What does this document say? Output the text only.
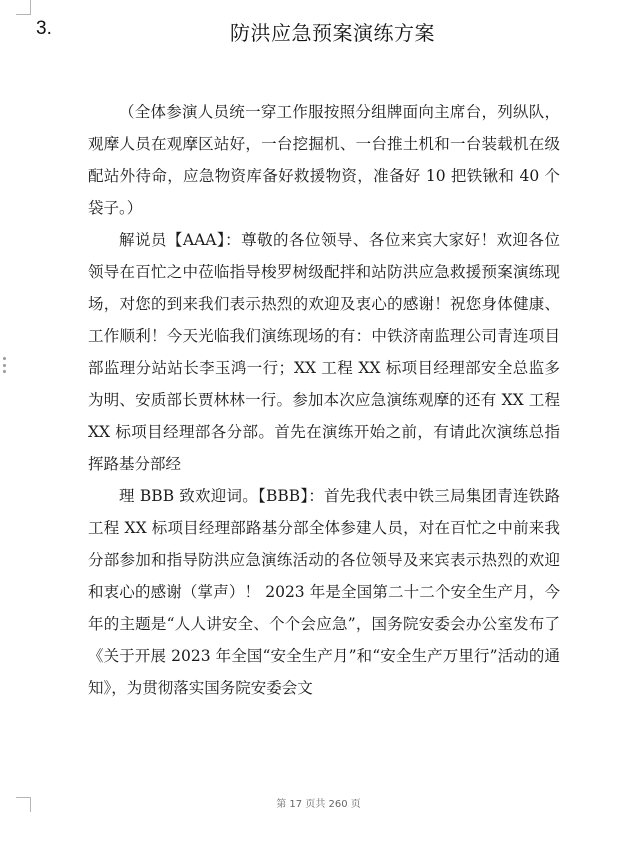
3.	防洪应急预案演练方案

（全体参演人员统一穿工作服按照分组牌面向主席台，列纵队，观摩人员在观摩区站好，一台挖掘机、一台推土机和一台装载机在级配站外待命，应急物资库备好救援物资，准备好 10 把铁锹和 40 个袋子。）

解说员【AAA】：尊敬的各位领导、各位来宾大家好！欢迎各位领导在百忙之中莅临指导梭罗树级配拌和站防洪应急救援预案演练现场，对您的到来我们表示热烈的欢迎及衷心的感谢！祝您身体健康、工作顺利！今天光临我们演练现场的有：中铁济南监理公司青连项目部监理分站站长李玉鸿一行；XX 工程 XX 标项目经理部安全总监多为明、安质部长贾林林一行。参加本次应急演练观摩的还有 XX 工程 XX 标项目经理部各分部。首先在演练开始之前，有请此次演练总指挥路基分部经

理 BBB 致欢迎词。【BBB】：首先我代表中铁三局集团青连铁路工程 XX 标项目经理部路基分部全体参建人员，对在百忙之中前来我分部参加和指导防洪应急演练活动的各位领导及来宾表示热烈的欢迎和衷心的感谢（掌声）！ 2023 年是全国第二十二个安全生产月，今年的主题是“人人讲安全、个个会应急”，国务院安委会办公室发布了《关于开展 2023 年全国“安全生产月”和“安全生产万里行”活动的通知》，为贯彻落实国务院安委会文

第 17 页共 260 页
